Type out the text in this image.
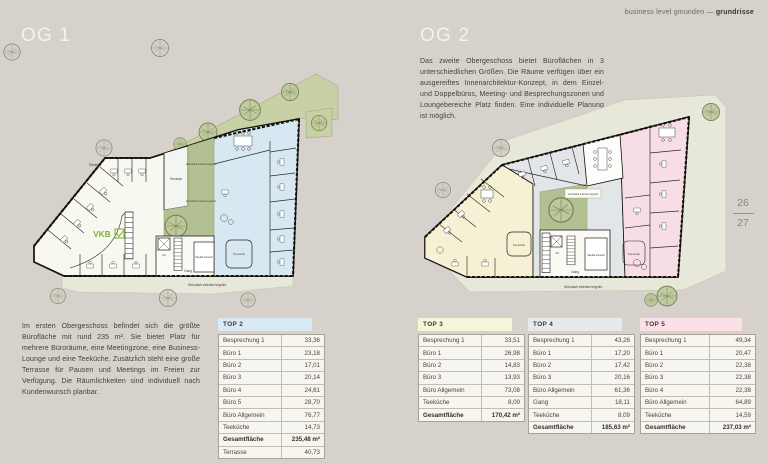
business level gmunden — grundrisse
OG 1
Terrasse
Terrasse
Gründach intensiv begrünt
Gründach intensiv begrünt
Gründach extensiv begrünt
Lift
Gang
Sanitär-bereich
Tee-küche
VKB

Im ersten Obergeschoss befindet sich die größte Bürofläche mit rund 235 m². Sie bietet Platz für mehrere Büroräume, eine Meetingzone, eine Business-Lounge und eine Teeküche. Zusätzlich steht eine große Terrasse für Pausen und Meetings im Freien zur Verfügung. Die Räumlichkeiten sind individuell nach Kundenwunsch planbar.

OG 2

Das zweite Obergeschoss bietet Büroflächen in 3 unterschiedlichen Größen. Die Räume verfügen über ein ausgereiftes Innenarchitektur-Konzept, in dem Einzel- und Doppelbüros, Meeting- und Besprechungszonen und Loungebereiche Platz finden. Eine individuelle Planung ist möglich.

Gründach intensiv begrünt
Gründach extensiv begrünt
Lift
Gang
Sanitär-bereich
Tee-küche
Tee-küche
26
27
TOP 2
Besprechung 1	33,36
Büro 1	23,18
Büro 2	17,01
Büro 3	20,14
Büro 4	24,61
Büro 5	28,70
Büro Allgemein	76,77
Teeküche	14,73
Gesamtfläche	235,48 m²
Terrasse	40,73
TOP 3
Besprechung 1	33,51
Büro 1	26,98
Büro 2	14,83
Büro 3	13,93
Büro Allgemein	73,08
Teeküche	8,09
Gesamtfläche	170,42 m²
TOP 4
Besprechung 1	43,26
Büro 1	17,20
Büro 2	17,42
Büro 3	20,16
Büro Allgemein	61,36
Gang	18,11
Teeküche	8,09
Gesamtfläche	185,63 m²
TOP 5
Besprechung 1	49,34
Büro 1	20,47
Büro 2	22,38
Büro 3	22,38
Büro 4	22,38
Büro Allgemein	64,89
Teeküche	14,59
Gesamtfläche	237,03 m²
